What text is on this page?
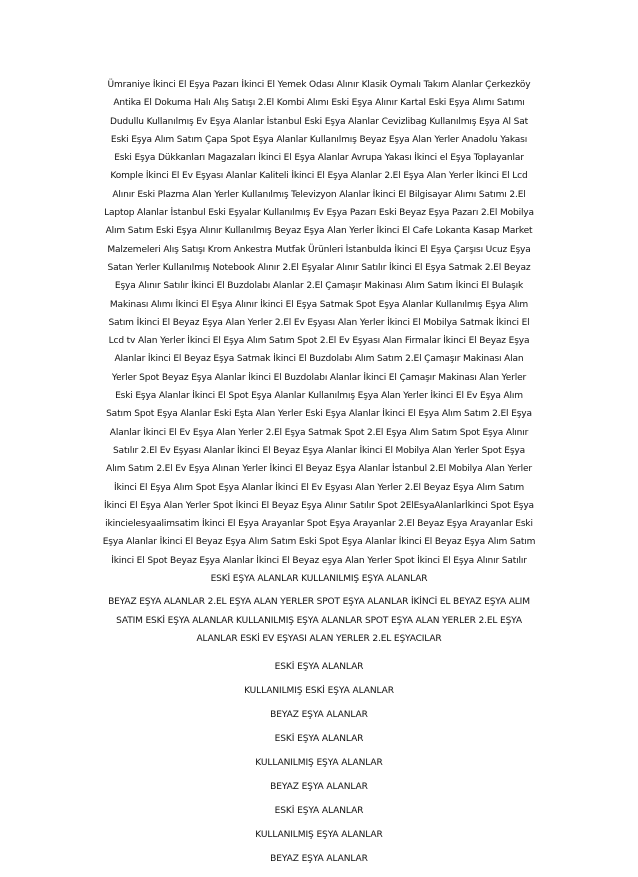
Ümraniye İkinci El Eşya Pazarı İkinci El Yemek Odası Alınır Klasik Oymalı Takım Alanlar Çerkezköy
Antika El Dokuma Halı Alış Satışı 2.El Kombi Alımı Eski Eşya Alınır Kartal Eski Eşya Alımı Satımı
Dudullu Kullanılmış Ev Eşya Alanlar İstanbul Eski Eşya Alanlar Cevizlibag Kullanılmış Eşya Al Sat
Eski Eşya Alım Satım Çapa Spot Eşya Alanlar Kullanılmış Beyaz Eşya Alan Yerler Anadolu Yakası
Eski Eşya Dükkanları Magazaları İkinci El Eşya Alanlar Avrupa Yakası İkinci el Eşya Toplayanlar
Komple İkinci El Ev Eşyası Alanlar Kaliteli İkinci El Eşya Alanlar 2.El Eşya Alan Yerler İkinci El Lcd
Alınır Eski Plazma Alan Yerler Kullanılmış Televizyon Alanlar İkinci El Bilgisayar Alımı Satımı 2.El
Laptop Alanlar İstanbul Eski Eşyalar Kullanılmış Ev Eşya Pazarı Eski Beyaz Eşya Pazarı 2.El Mobilya
Alım Satım Eski Eşya Alınır Kullanılmış Beyaz Eşya Alan Yerler İkinci El Cafe Lokanta Kasap Market
Malzemeleri Alış Satışı Krom Ankestra Mutfak Ürünleri İstanbulda İkinci El Eşya Çarşısı Ucuz Eşya
Satan Yerler Kullanılmış Notebook Alınır 2.El Eşyalar Alınır Satılır İkinci El Eşya Satmak 2.El Beyaz
Eşya Alınır Satılır İkinci El Buzdolabı Alanlar 2.El Çamaşır Makinası Alım Satım İkinci El Bulaşık
Makinası Alımı İkinci El Eşya Alınır İkinci El Eşya Satmak Spot Eşya Alanlar Kullanılmış Eşya Alım
Satım İkinci El Beyaz Eşya Alan Yerler 2.El Ev Eşyası Alan Yerler İkinci El Mobilya Satmak İkinci El
Lcd tv Alan Yerler İkinci El Eşya Alım Satım Spot 2.El Ev Eşyası Alan Firmalar İkinci El Beyaz Eşya
Alanlar İkinci El Beyaz Eşya Satmak İkinci El Buzdolabı Alım Satım 2.El Çamaşır Makinası Alan
Yerler Spot Beyaz Eşya Alanlar İkinci El Buzdolabı Alanlar İkinci El Çamaşır Makinası Alan Yerler
Eski Eşya Alanlar İkinci El Spot Eşya Alanlar Kullanılmış Eşya Alan Yerler İkinci El Ev Eşya Alım
Satım Spot Eşya Alanlar Eski Eşta Alan Yerler Eski Eşya Alanlar İkinci El Eşya Alım Satım 2.El Eşya
Alanlar İkinci El Ev Eşya Alan Yerler 2.El Eşya Satmak Spot 2.El Eşya Alım Satım Spot Eşya Alınır
Satılır 2.El Ev Eşyası Alanlar İkinci El Beyaz Eşya Alanlar İkinci El Mobilya Alan Yerler Spot Eşya
Alım Satım 2.El Ev Eşya Alınan Yerler İkinci El Beyaz Eşya Alanlar İstanbul 2.El Mobilya Alan Yerler
İkinci El Eşya Alım Spot Eşya Alanlar İkinci El Ev Eşyası Alan Yerler 2.El Beyaz Eşya Alım Satım
İkinci El Eşya Alan Yerler Spot İkinci El Beyaz Eşya Alınır Satılır Spot 2ElEsyaAlanlarİkinci Spot Eşya
ikincielesyaalimsatim İkinci El Eşya Arayanlar Spot Eşya Arayanlar 2.El Beyaz Eşya Arayanlar Eski
Eşya Alanlar İkinci El Beyaz Eşya Alım Satım Eski Spot Eşya Alanlar İkinci El Beyaz Eşya Alım Satım
İkinci El Spot Beyaz Eşya Alanlar İkinci El Beyaz eşya Alan Yerler Spot İkinci El Eşya Alınır Satılır
ESKİ EŞYA ALANLAR KULLANILMIŞ EŞYA ALANLAR
BEYAZ EŞYA ALANLAR 2.EL EŞYA ALAN YERLER SPOT EŞYA ALANLAR İKİNCİ EL BEYAZ EŞYA ALIM
SATIM ESKİ EŞYA ALANLAR KULLANILMIŞ EŞYA ALANLAR SPOT EŞYA ALAN YERLER 2.EL EŞYA
ALANLAR ESKİ EV EŞYASI ALAN YERLER 2.EL EŞYACILAR
ESKİ EŞYA ALANLAR
KULLANILMIŞ ESKİ EŞYA ALANLAR
BEYAZ EŞYA ALANLAR
ESKİ EŞYA ALANLAR
KULLANILMIŞ EŞYA ALANLAR
BEYAZ EŞYA ALANLAR
ESKİ EŞYA ALANLAR
KULLANILMIŞ EŞYA ALANLAR
BEYAZ EŞYA ALANLAR
